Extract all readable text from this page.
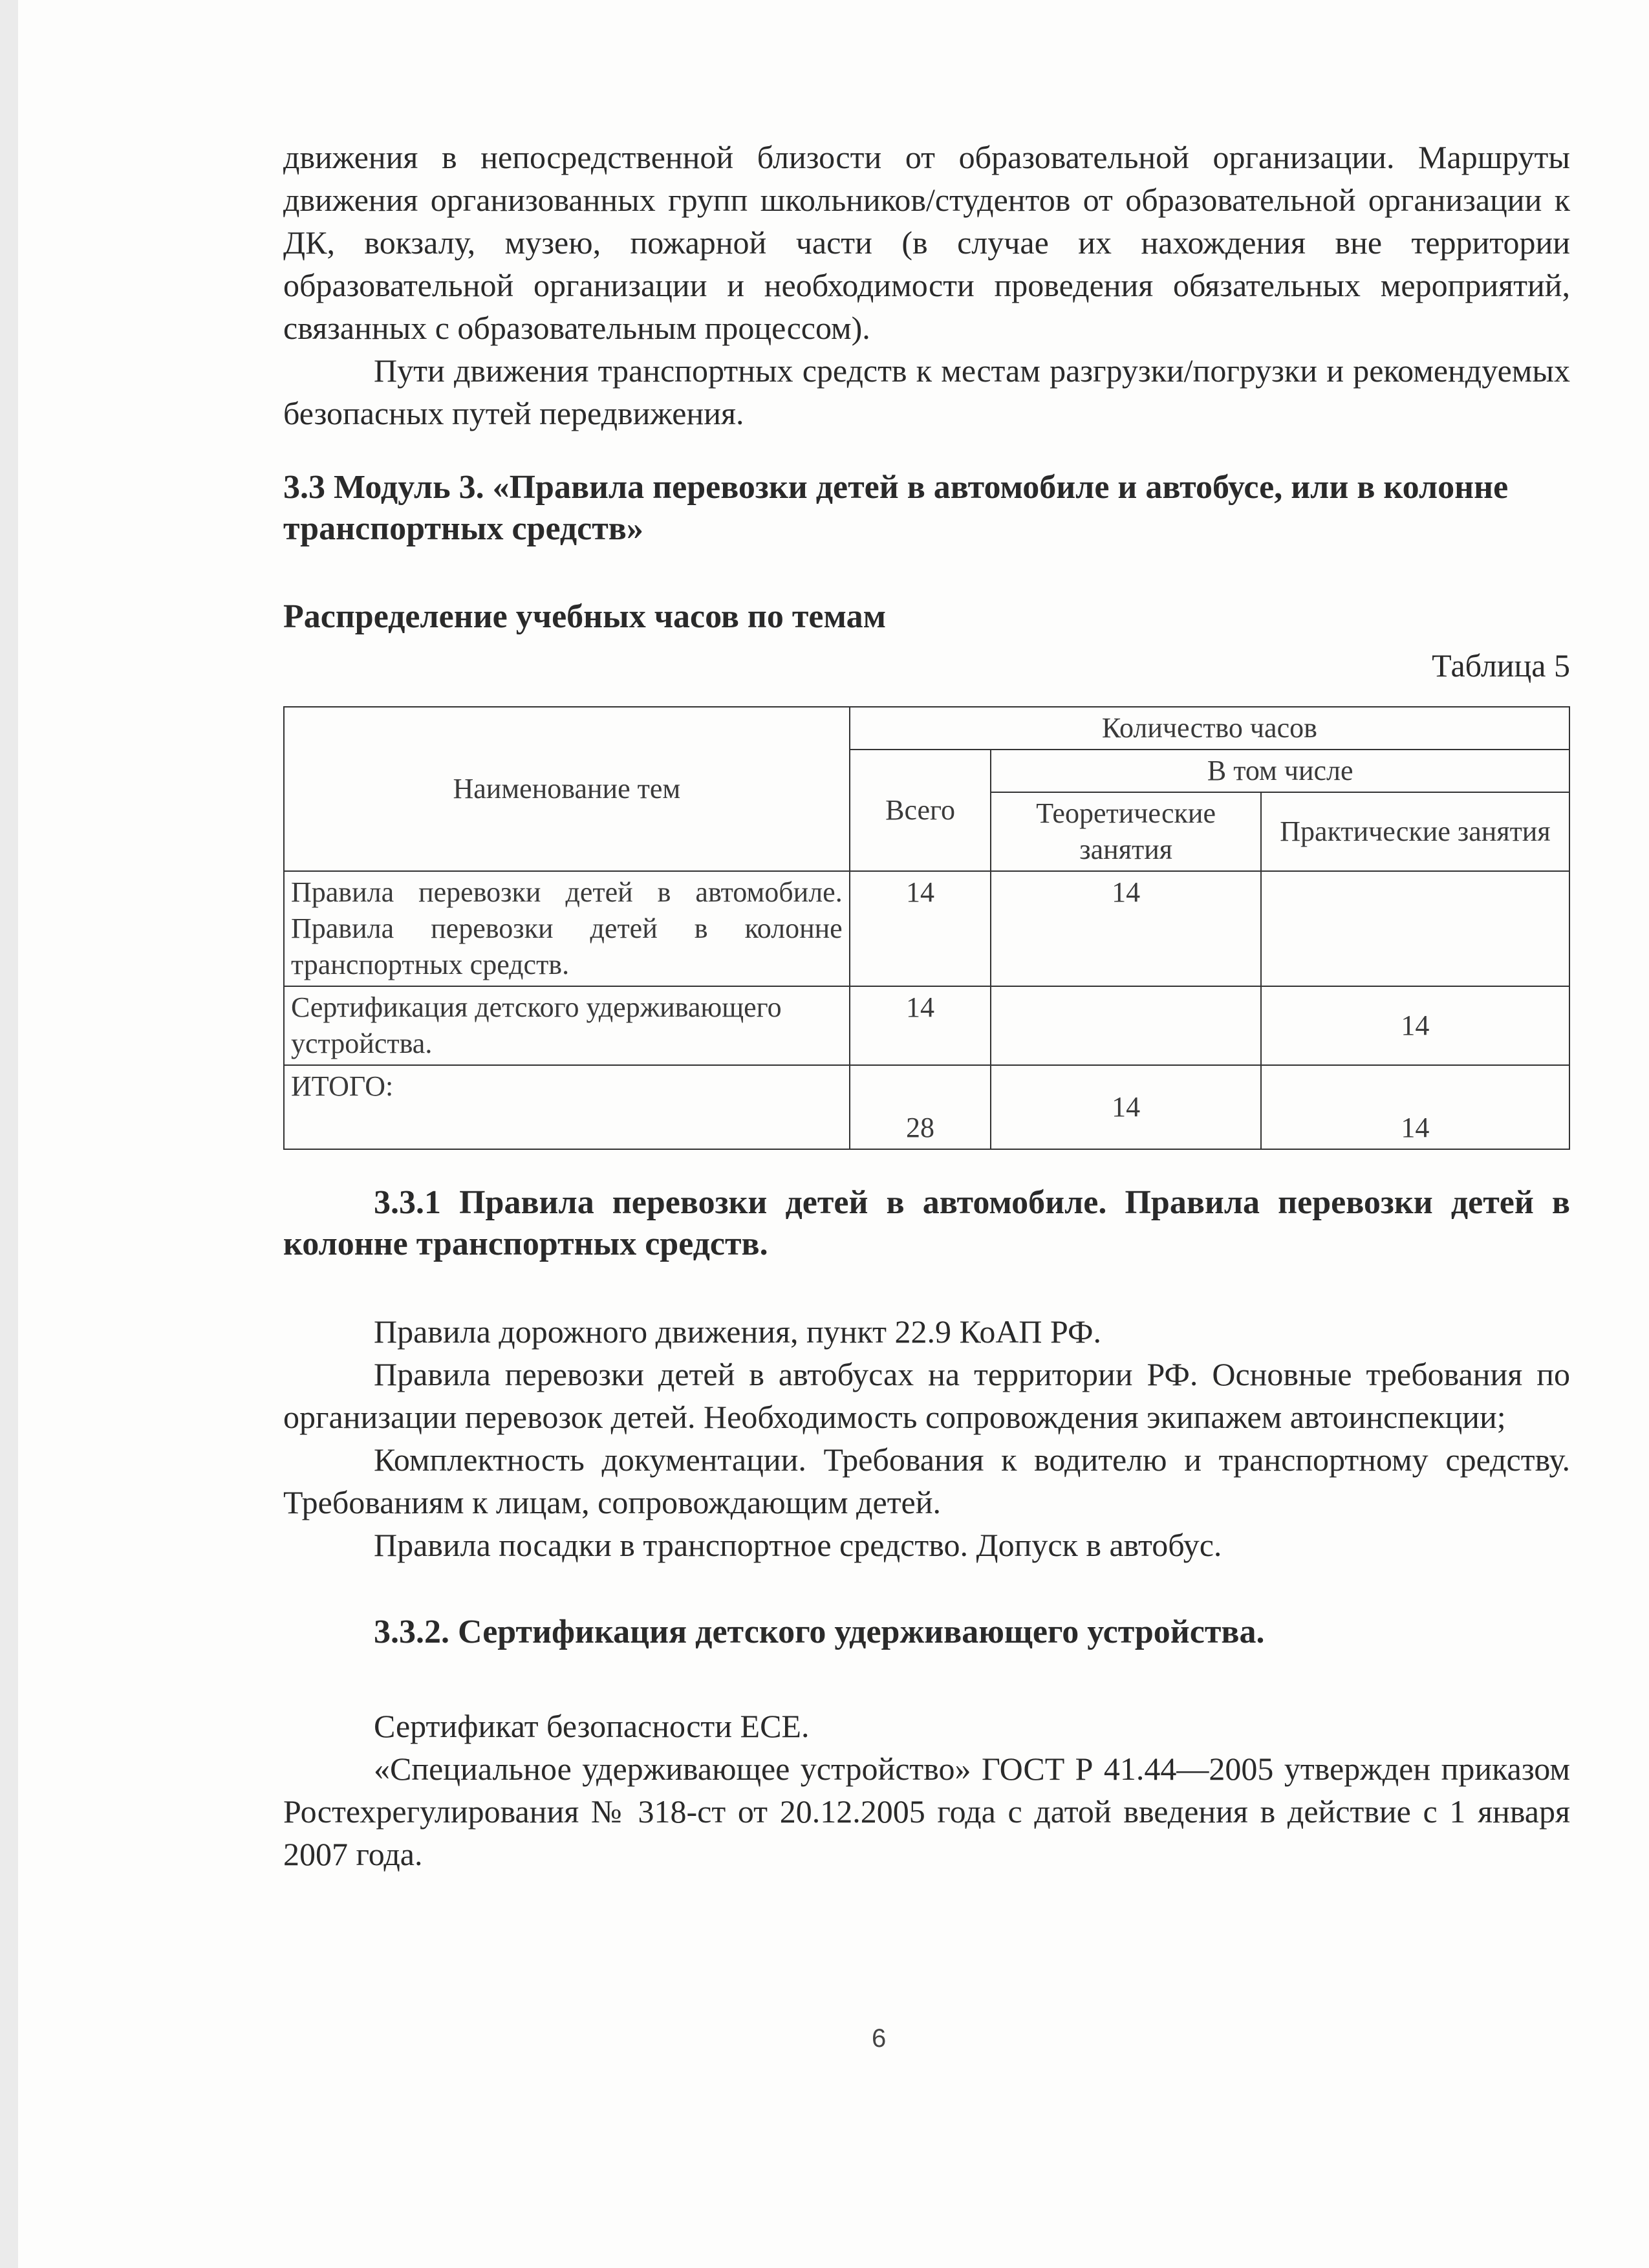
движения в непосредственной близости от образовательной организации. Маршруты движения организованных групп школьников/студентов от образовательной организации к ДК, вокзалу, музею, пожарной части (в случае их нахождения вне территории образовательной организации и необходимости проведения обязательных мероприятий, связанных с образовательным процессом).

Пути движения транспортных средств к местам разгрузки/погрузки и рекомендуемых безопасных путей передвижения.

3.3 Модуль 3. «Правила перевозки детей в автомобиле и автобусе, или в колонне транспортных средств»

Распределение учебных часов по темам

Таблица 5

Наименование тем	Количество часов		
	Всего	В том числе	
		Теоретические занятия	Практические занятия
Правила перевозки детей в автомобиле. Правила перевозки детей в колонне транспортных средств.	14	14	
Сертификация детского удерживающего устройства.	14		14
ИТОГО:	28	14	14

3.3.1 Правила перевозки детей в автомобиле. Правила перевозки детей в колонне транспортных средств.

Правила дорожного движения, пункт 22.9 КоАП РФ.

Правила перевозки детей в автобусах на территории РФ. Основные требования по организации перевозок детей. Необходимость сопровождения экипажем автоинспекции;

Комплектность документации. Требования к водителю и транспортному средству. Требованиям к лицам, сопровождающим детей.

Правила посадки в транспортное средство. Допуск в автобус.

3.3.2. Сертификация детского удерживающего устройства.

Сертификат безопасности ЕСЕ.

«Специальное удерживающее устройство» ГОСТ Р 41.44—2005 утвержден приказом Ростехрегулирования № 318-ст от 20.12.2005 года с датой введения в действие с 1 января 2007 года.

6
